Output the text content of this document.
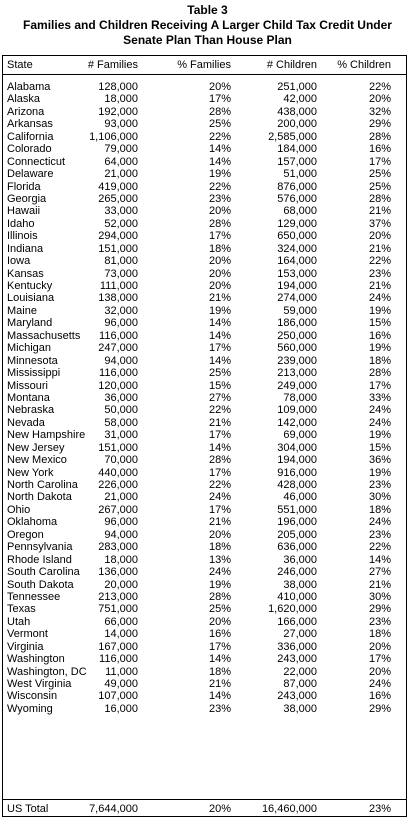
Table 3
Families and Children Receiving A Larger Child Tax Credit Under
Senate Plan Than House Plan
State	# Families	% Families	# Children % Children
Alabama	128,000	20%	251,000	22%
Alaska	18,000	17%	42,000	20%
Arizona	192,000	28%	438,000	32%
Arkansas	93,000	25%	200,000	29%
California	1,106,000	22%	2,585,000	28%
Colorado	79,000	14%	184,000	16%
Connecticut	64,000	14%	157,000	17%
Delaware	21,000	19%	51,000	25%
Florida	419,000	22%	876,000	25%
Georgia	265,000	23%	576,000	28%
Hawaii	33,000	20%	68,000	21%
Idaho	52,000	28%	129,000	37%
Illinois	294,000	17%	650,000	20%
Indiana	151,000	18%	324,000	21%
Iowa	81,000	20%	164,000	22%
Kansas	73,000	20%	153,000	23%
Kentucky	111,000	20%	194,000	21%
Louisiana	138,000	21%	274,000	24%
Maine	32,000	19%	59,000	19%
Maryland	96,000	14%	186,000	15%
Massachusetts 116,000	14%	250,000	16%
Michigan	247,000	17%	560,000	19%
Minnesota	94,000	14%	239,000	18%
Mississippi	116,000	25%	213,000	28%
Missouri	120,000	15%	249,000	17%
Montana	36,000	27%	78,000	33%
Nebraska	50,000	22%	109,000	24%
Nevada	58,000	21%	142,000	24%
New Hampshire 31,000	17%	69,000	19%
New Jersey	151,000	14%	304,000	15%
New Mexico	70,000	28%	194,000	36%
New York	440,000	17%	916,000	19%
North Carolina 226,000	22%	428,000	23%
North Dakota	21,000	24%	46,000	30%
Ohio	267,000	17%	551,000	18%
Oklahoma	96,000	21%	196,000	24%
Oregon	94,000	20%	205,000	23%
Pennsylvania 283,000	18%	636,000	22%
Rhode Island	18,000	13%	36,000	14%
South Carolina 136,000	24%	246,000	27%
South Dakota	20,000	19%	38,000	21%
Tennessee	213,000	28%	410,000	30%
Texas	751,000	25%	1,620,000	29%
Utah	66,000	20%	166,000	23%
Vermont	14,000	16%	27,000	18%
Virginia	167,000	17%	336,000	20%
Washington	116,000	14%	243,000	17%
Washington, DC 11,000	18%	22,000	20%
West Virginia	49,000	21%	87,000	24%
Wisconsin	107,000	14%	243,000	16%
Wyoming	16,000	23%	38,000	29%
US Total	7,644,000	20%	16,460,000	23%
